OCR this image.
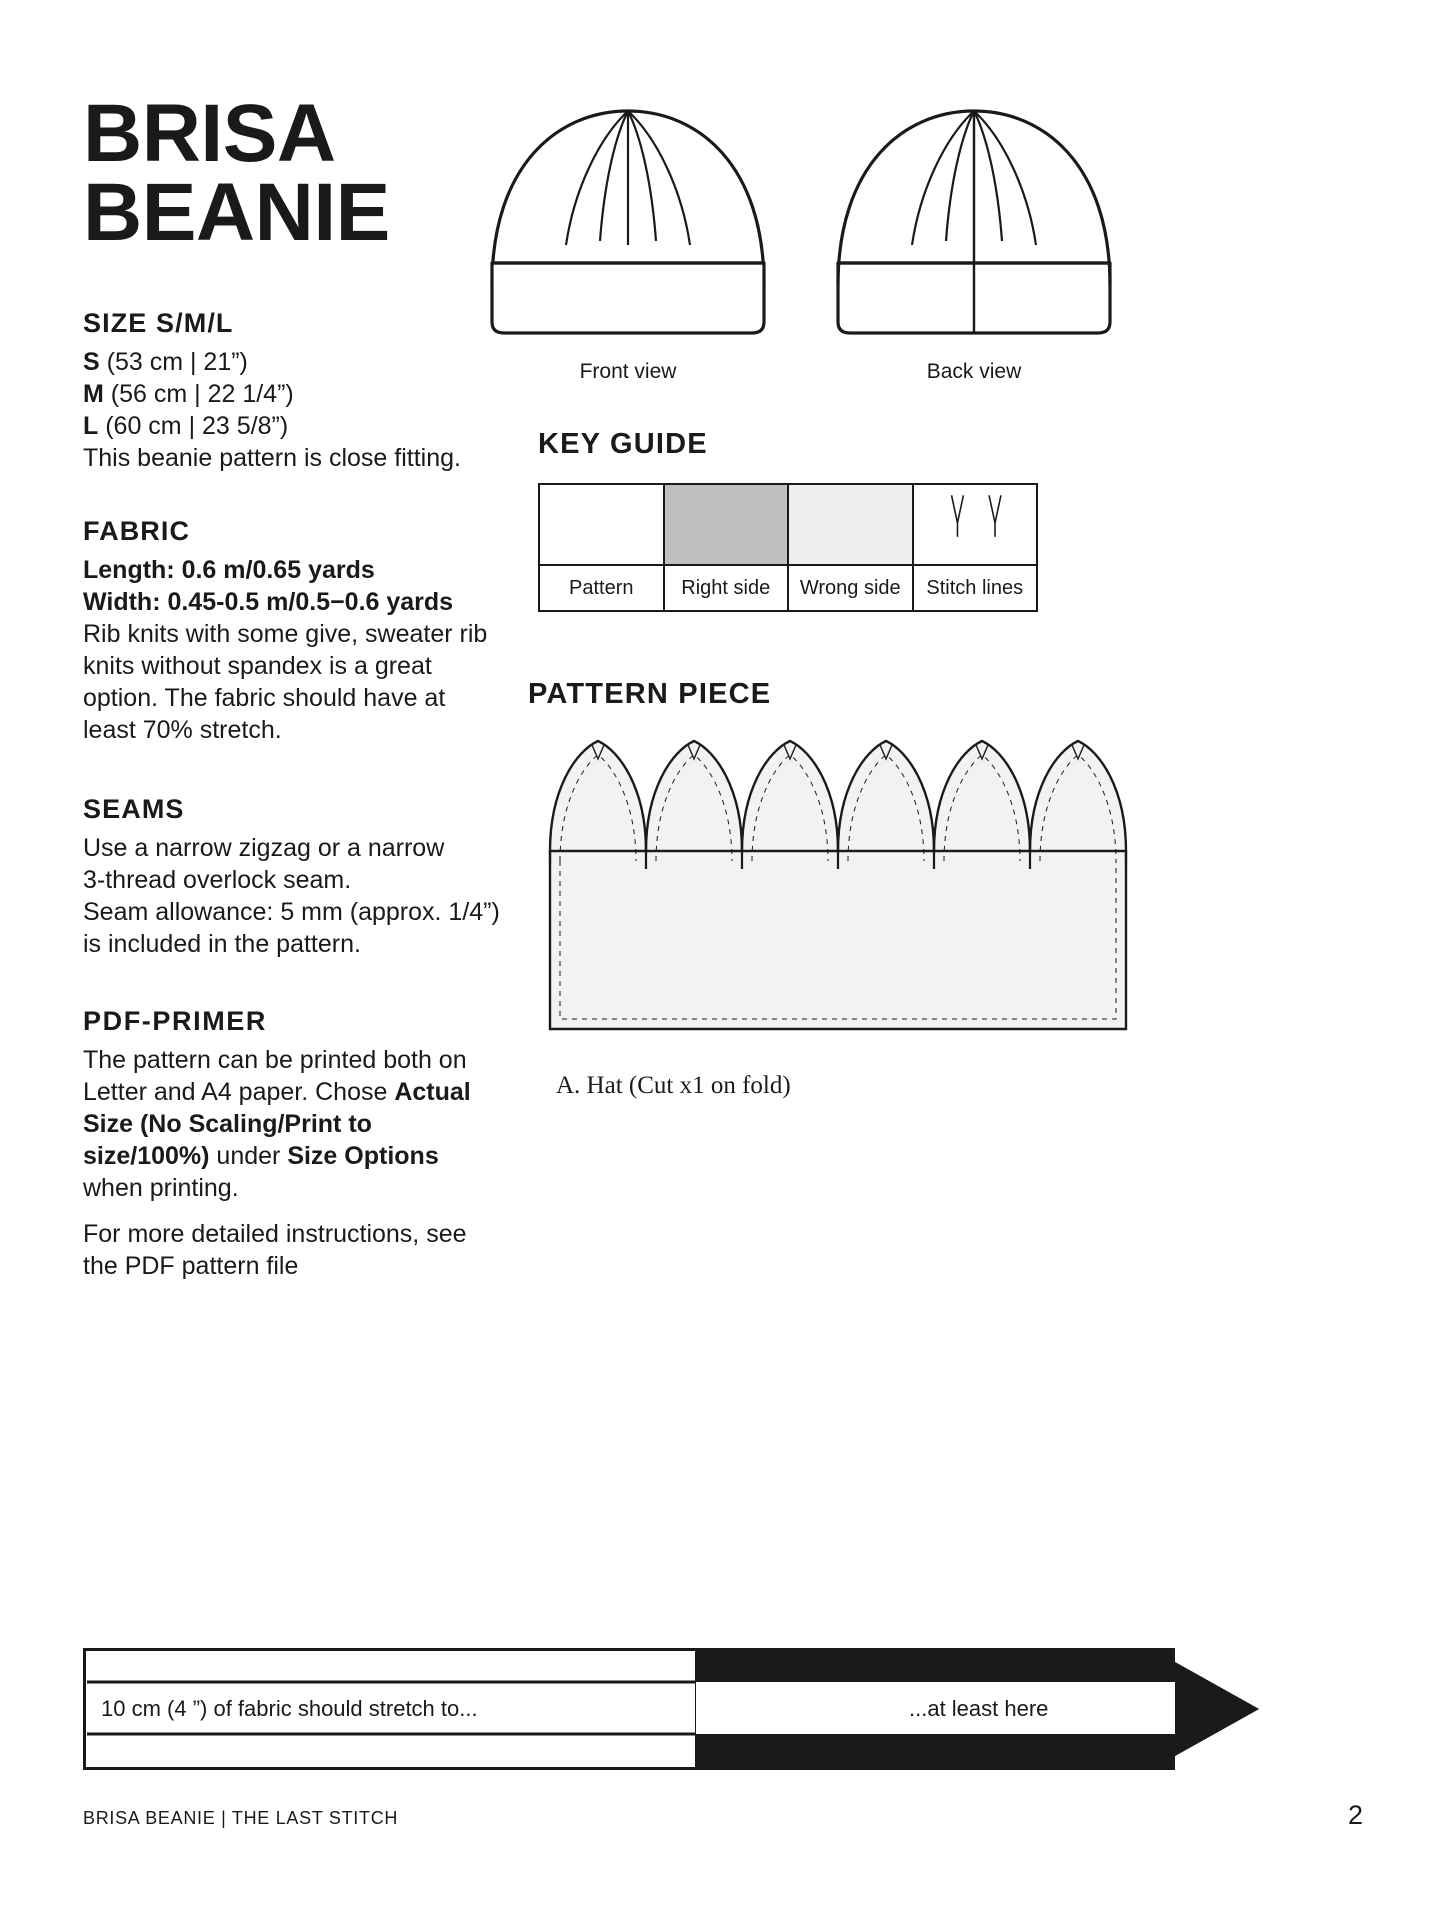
BRISA
BEANIE
SIZE S/M/L

S (53 cm | 21”)

M (56 cm | 22 1/4”)

L (60 cm | 23 5/8”)

This beanie pattern is close fitting.

FABRIC

Length: 0.6 m/0.65 yards

Width: 0.45-0.5 m/0.5−0.6 yards

Rib knits with some give, sweater rib knits without spandex is a great option. The fabric should have at least 70% stretch.

SEAMS

Use a narrow zigzag or a narrow

3-thread overlock seam.

Seam allowance: 5 mm (approx. 1/4”)

is included in the pattern.

PDF-PRIMER

The pattern can be printed both on Letter and A4 paper. Chose Actual Size (No Scaling/Print to size/100%) under Size Options when printing.

For more detailed instructions, see the PDF pattern file

Front view	Back view
KEY GUIDE

Pattern	Right side	Wrong side	Stitch lines
PATTERN PIECE
A. Hat (Cut x1 on fold)
10 cm (4 ”) of fabric should stretch to...	...at least here
BRISA BEANIE | THE LAST STITCH	2
